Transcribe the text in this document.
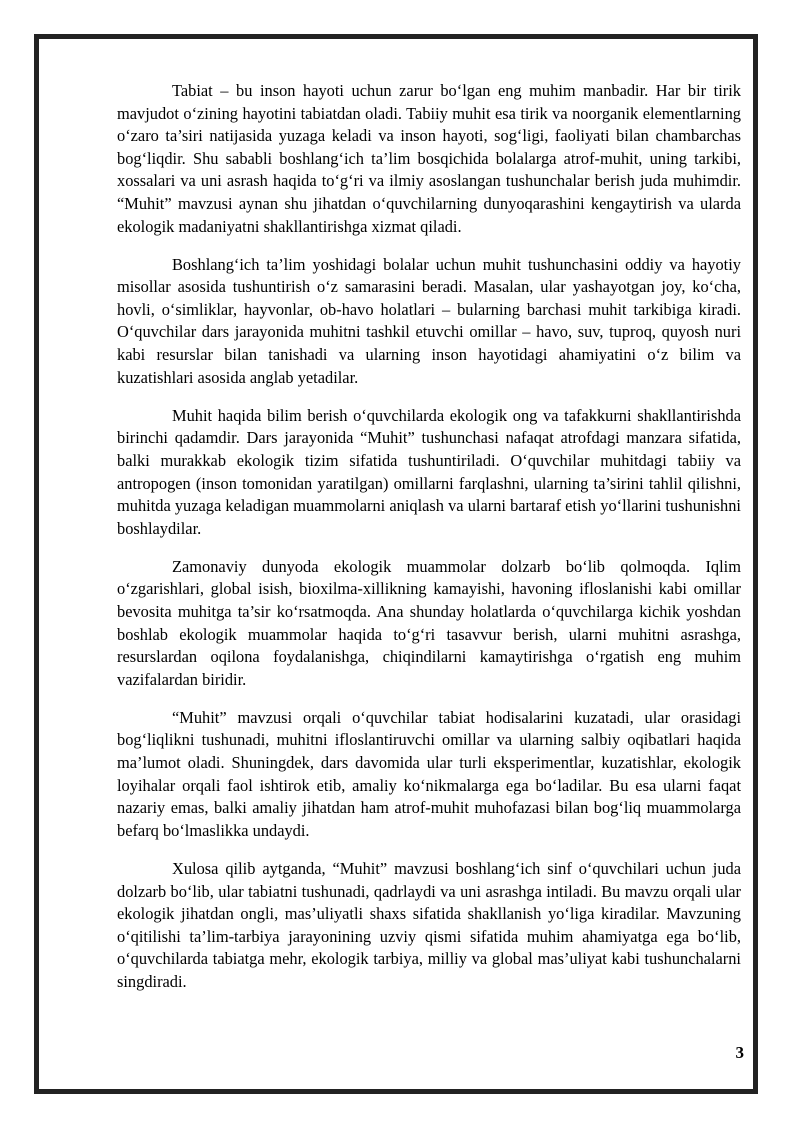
Tabiat – bu inson hayoti uchun zarur bo‘lgan eng muhim manbadir. Har bir tirik mavjudot o‘zining hayotini tabiatdan oladi. Tabiiy muhit esa tirik va noorganik elementlarning o‘zaro ta’siri natijasida yuzaga keladi va inson hayoti, sog‘ligi, faoliyati bilan chambarchas bog‘liqdir. Shu sababli boshlang‘ich ta’lim bosqichida bolalarga atrof-muhit, uning tarkibi, xossalari va uni asrash haqida to‘g‘ri va ilmiy asoslangan tushunchalar berish juda muhimdir. “Muhit” mavzusi aynan shu jihatdan o‘quvchilarning dunyoqarashini kengaytirish va ularda ekologik madaniyatni shakllantirishga xizmat qiladi.

Boshlang‘ich ta’lim yoshidagi bolalar uchun muhit tushunchasini oddiy va hayotiy misollar asosida tushuntirish o‘z samarasini beradi. Masalan, ular yashayotgan joy, ko‘cha, hovli, o‘simliklar, hayvonlar, ob-havo holatlari – bularning barchasi muhit tarkibiga kiradi. O‘quvchilar dars jarayonida muhitni tashkil etuvchi omillar – havo, suv, tuproq, quyosh nuri kabi resurslar bilan tanishadi va ularning inson hayotidagi ahamiyatini o‘z bilim va kuzatishlari asosida anglab yetadilar.

Muhit haqida bilim berish o‘quvchilarda ekologik ong va tafakkurni shakllantirishda birinchi qadamdir. Dars jarayonida “Muhit” tushunchasi nafaqat atrofdagi manzara sifatida, balki murakkab ekologik tizim sifatida tushuntiriladi. O‘quvchilar muhitdagi tabiiy va antropogen (inson tomonidan yaratilgan) omillarni farqlashni, ularning ta’sirini tahlil qilishni, muhitda yuzaga keladigan muammolarni aniqlash va ularni bartaraf etish yo‘llarini tushunishni boshlaydilar.

Zamonaviy dunyoda ekologik muammolar dolzarb bo‘lib qolmoqda. Iqlim o‘zgarishlari, global isish, bioxilma-xillikning kamayishi, havoning ifloslanishi kabi omillar bevosita muhitga ta’sir ko‘rsatmoqda. Ana shunday holatlarda o‘quvchilarga kichik yoshdan boshlab ekologik muammolar haqida to‘g‘ri tasavvur berish, ularni muhitni asrashga, resurslardan oqilona foydalanishga, chiqindilarni kamaytirishga o‘rgatish eng muhim vazifalardan biridir.

“Muhit” mavzusi orqali o‘quvchilar tabiat hodisalarini kuzatadi, ular orasidagi bog‘liqlikni tushunadi, muhitni ifloslantiruvchi omillar va ularning salbiy oqibatlari haqida ma’lumot oladi. Shuningdek, dars davomida ular turli eksperimentlar, kuzatishlar, ekologik loyihalar orqali faol ishtirok etib, amaliy ko‘nikmalarga ega bo‘ladilar. Bu esa ularni faqat nazariy emas, balki amaliy jihatdan ham atrof-muhit muhofazasi bilan bog‘liq muammolarga befarq bo‘lmaslikka undaydi.

Xulosa qilib aytganda, “Muhit” mavzusi boshlang‘ich sinf o‘quvchilari uchun juda dolzarb bo‘lib, ular tabiatni tushunadi, qadrlaydi va uni asrashga intiladi. Bu mavzu orqali ular ekologik jihatdan ongli, mas’uliyatli shaxs sifatida shakllanish yo‘liga kiradilar. Mavzuning o‘qitilishi ta’lim-tarbiya jarayonining uzviy qismi sifatida muhim ahamiyatga ega bo‘lib, o‘quvchilarda tabiatga mehr, ekologik tarbiya, milliy va global mas’uliyat kabi tushunchalarni singdiradi.

3
